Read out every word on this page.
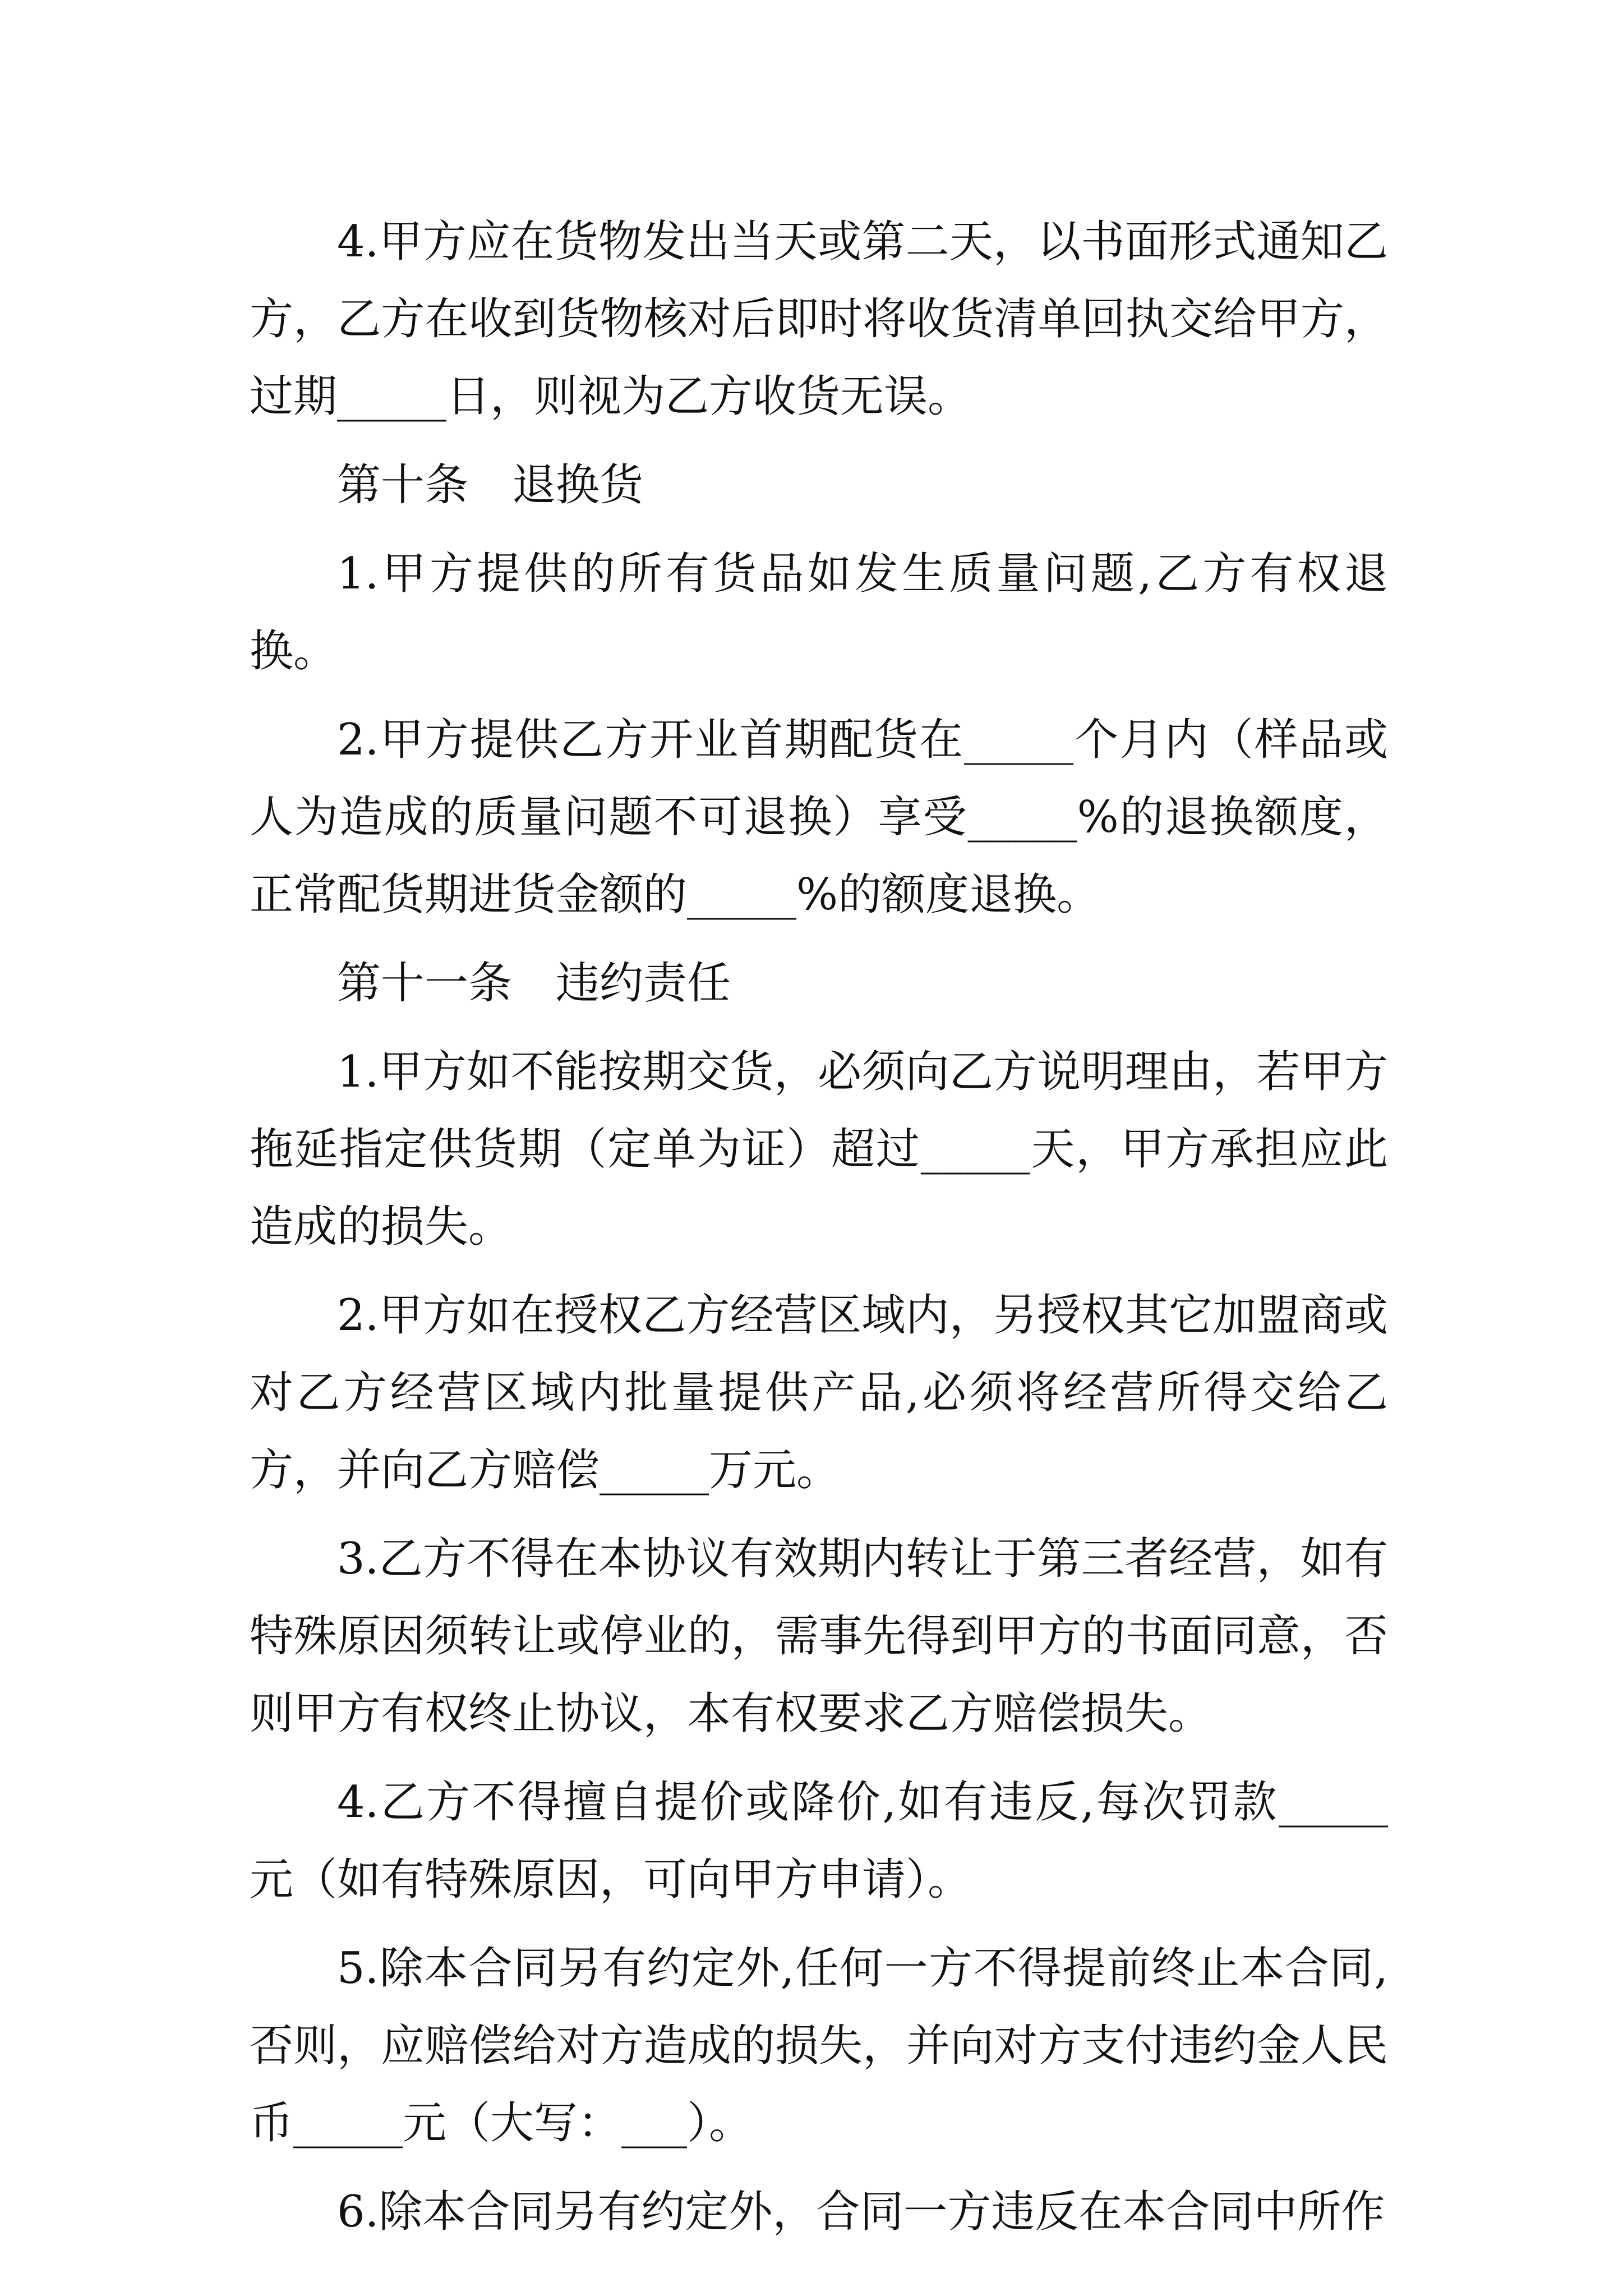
4.甲方应在货物发出当天或第二天，以书面形式通知乙方，乙方在收到货物核对后即时将收货清单回执交给甲方，过期_____日，则视为乙方收货无误。

第十条　退换货

1.甲方提供的所有货品如发生质量问题,乙方有权退换。

2.甲方提供乙方开业首期配货在_____个月内（样品或人为造成的质量问题不可退换）享受_____%的退换额度，正常配货期进货金额的_____%的额度退换。

第十一条　违约责任

1.甲方如不能按期交货，必须向乙方说明理由，若甲方拖延指定供货期（定单为证）超过_____天，甲方承担应此造成的损失。

2.甲方如在授权乙方经营区域内，另授权其它加盟商或对乙方经营区域内批量提供产品,必须将经营所得交给乙方，并向乙方赔偿_____万元。

3.乙方不得在本协议有效期内转让于第三者经营，如有特殊原因须转让或停业的，需事先得到甲方的书面同意，否则甲方有权终止协议，本有权要求乙方赔偿损失。

4.乙方不得擅自提价或降价,如有违反,每次罚款_____元（如有特殊原因，可向甲方申请）。

5.除本合同另有约定外,任何一方不得提前终止本合同,否则，应赔偿给对方造成的损失，并向对方支付违约金人民币_____元（大写：___）。

6.除本合同另有约定外，合同一方违反在本合同中所作
